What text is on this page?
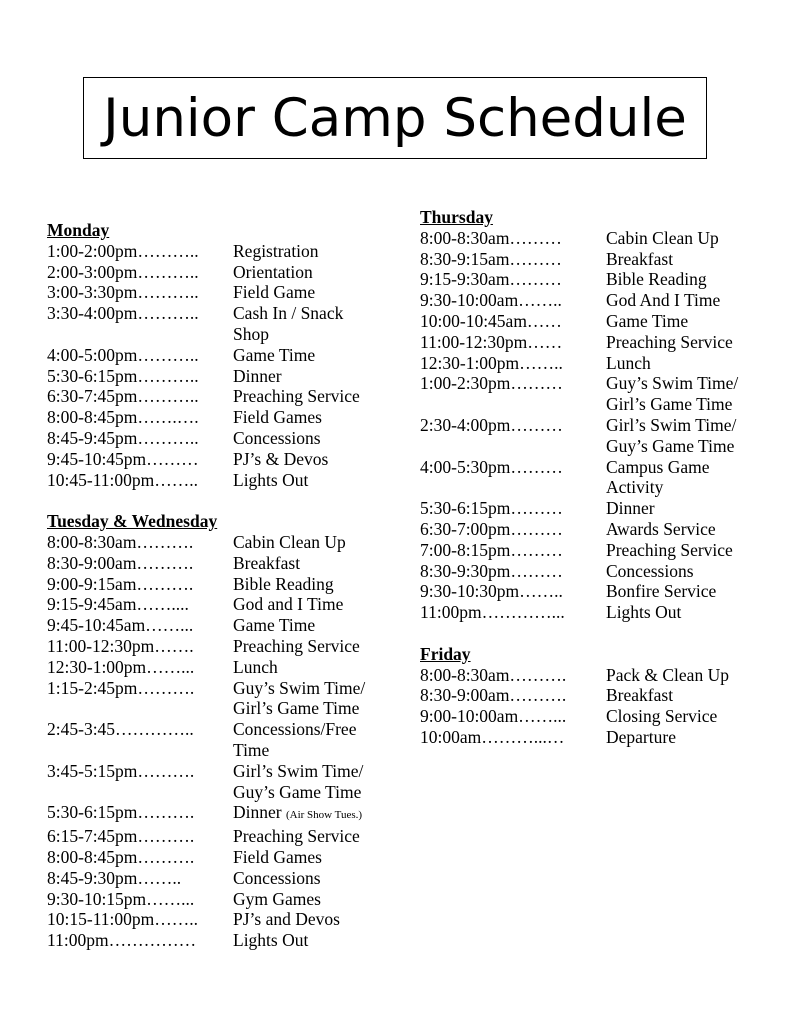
Junior Camp Schedule
Monday
1:00-2:00pm………..	Registration
2:00-3:00pm………..	Orientation
3:00-3:30pm………..	Field Game
3:30-4:00pm………..	Cash In / Snack
Shop
4:00-5:00pm………..	Game Time
5:30-6:15pm………..	Dinner
6:30-7:45pm………..	Preaching Service
8:00-8:45pm…….….	Field Games
8:45-9:45pm………..	Concessions
9:45-10:45pm………	PJ’s & Devos
10:45-11:00pm……..	Lights Out
Tuesday & Wednesday
8:00-8:30am……….	Cabin Clean Up
8:30-9:00am……….	Breakfast
9:00-9:15am……….	Bible Reading
9:15-9:45am……....	God and I Time
9:45-10:45am……...	Game Time
11:00-12:30pm…….	Preaching Service
12:30-1:00pm……...	Lunch
1:15-2:45pm……….	Guy’s Swim Time/
Girl’s Game Time
2:45-3:45…………..	Concessions/Free
Time
3:45-5:15pm……….	Girl’s Swim Time/
Guy’s Game Time
5:30-6:15pm……….	Dinner (Air Show Tues.)
6:15-7:45pm……….	Preaching Service
8:00-8:45pm……….	Field Games
8:45-9:30pm……..	Concessions
9:30-10:15pm……...	Gym Games
10:15-11:00pm……..	PJ’s and Devos
11:00pm……………	Lights Out
Thursday
8:00-8:30am………	Cabin Clean Up
8:30-9:15am………	Breakfast
9:15-9:30am………	Bible Reading
9:30-10:00am……..	God And I Time
10:00-10:45am……	Game Time
11:00-12:30pm……	Preaching Service
12:30-1:00pm……..	Lunch
1:00-2:30pm………	Guy’s Swim Time/
Girl’s Game Time
2:30-4:00pm………	Girl’s Swim Time/
Guy’s Game Time
4:00-5:30pm………	Campus Game
Activity
5:30-6:15pm………	Dinner
6:30-7:00pm………	Awards Service
7:00-8:15pm………	Preaching Service
8:30-9:30pm………	Concessions
9:30-10:30pm……..	Bonfire Service
11:00pm…………...	Lights Out
Friday
8:00-8:30am……….	Pack & Clean Up
8:30-9:00am……….	Breakfast
9:00-10:00am……...	Closing Service
10:00am………...…	Departure
